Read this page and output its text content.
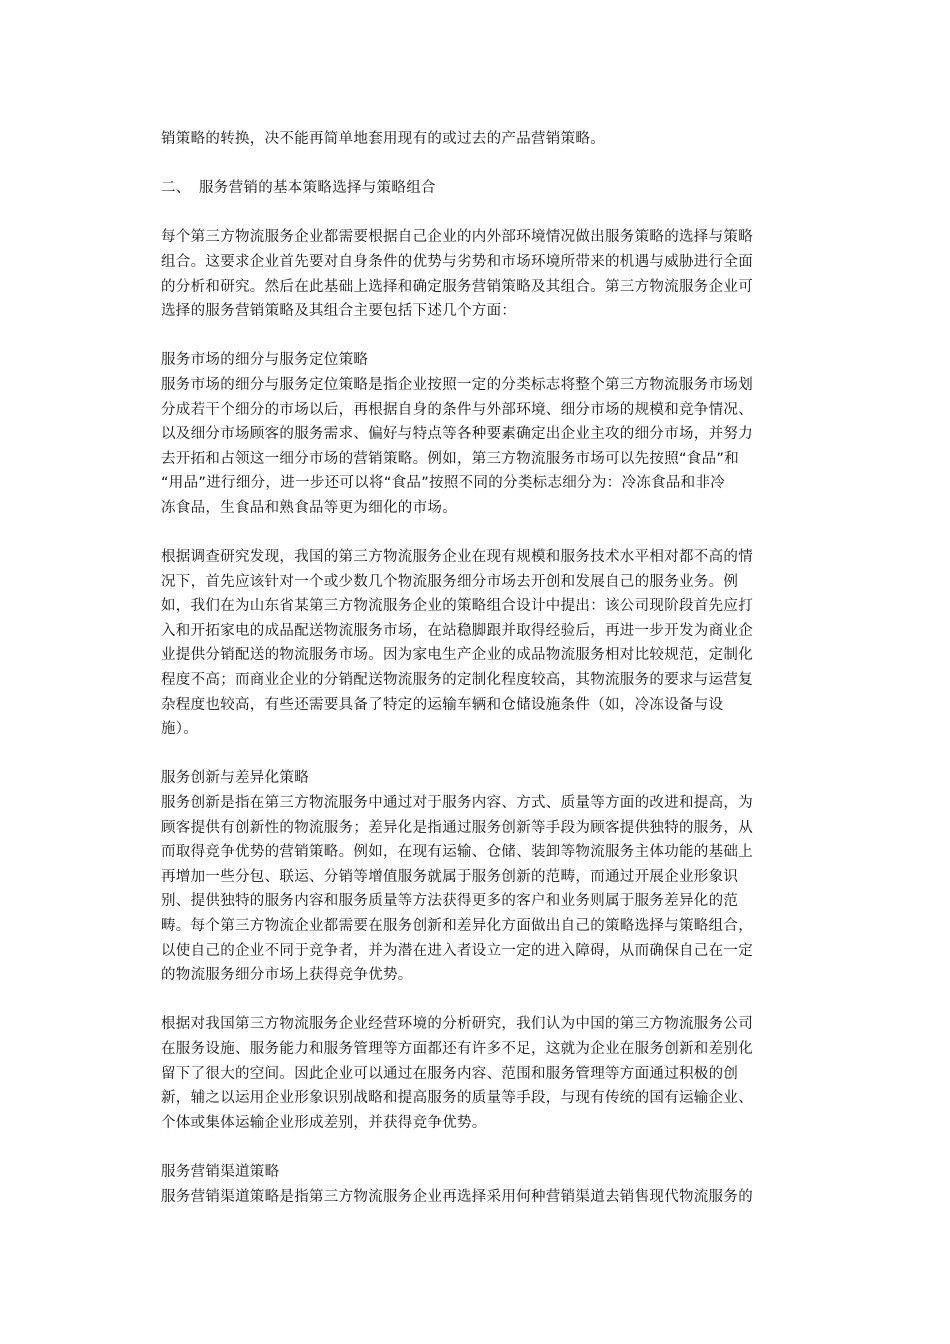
销策略的转换，决不能再简单地套用现有的或过去的产品营销策略。
二、 服务营销的基本策略选择与策略组合
每个第三方物流服务企业都需要根据自己企业的内外部环境情况做出服务策略的选择与策略
组合。这要求企业首先要对自身条件的优势与劣势和市场环境所带来的机遇与威胁进行全面
的分析和研究。然后在此基础上选择和确定服务营销策略及其组合。第三方物流服务企业可
选择的服务营销策略及其组合主要包括下述几个方面：
服务市场的细分与服务定位策略
服务市场的细分与服务定位策略是指企业按照一定的分类标志将整个第三方物流服务市场划
分成若干个细分的市场以后，再根据自身的条件与外部环境、细分市场的规模和竞争情况、
以及细分市场顾客的服务需求、偏好与特点等各种要素确定出企业主攻的细分市场，并努力
去开拓和占领这一细分市场的营销策略。例如，第三方物流服务市场可以先按照“食品”和
“用品”进行细分，进一步还可以将“食品”按照不同的分类标志细分为：冷冻食品和非冷
冻食品，生食品和熟食品等更为细化的市场。
根据调查研究发现，我国的第三方物流服务企业在现有规模和服务技术水平相对都不高的情
况下，首先应该针对一个或少数几个物流服务细分市场去开创和发展自己的服务业务。例
如，我们在为山东省某第三方物流服务企业的策略组合设计中提出：该公司现阶段首先应打
入和开拓家电的成品配送物流服务市场，在站稳脚跟并取得经验后，再进一步开发为商业企
业提供分销配送的物流服务市场。因为家电生产企业的成品物流服务相对比较规范，定制化
程度不高；而商业企业的分销配送物流服务的定制化程度较高，其物流服务的要求与运营复
杂程度也较高，有些还需要具备了特定的运输车辆和仓储设施条件（如，冷冻设备与设
施）。
服务创新与差异化策略
服务创新是指在第三方物流服务中通过对于服务内容、方式、质量等方面的改进和提高，为
顾客提供有创新性的物流服务；差异化是指通过服务创新等手段为顾客提供独特的服务，从
而取得竞争优势的营销策略。例如，在现有运输、仓储、装卸等物流服务主体功能的基础上
再增加一些分包、联运、分销等增值服务就属于服务创新的范畴，而通过开展企业形象识
别、提供独特的服务内容和服务质量等方法获得更多的客户和业务则属于服务差异化的范
畴。每个第三方物流企业都需要在服务创新和差异化方面做出自己的策略选择与策略组合，
以使自己的企业不同于竞争者，并为潜在进入者设立一定的进入障碍，从而确保自己在一定
的物流服务细分市场上获得竞争优势。
根据对我国第三方物流服务企业经营环境的分析研究，我们认为中国的第三方物流服务公司
在服务设施、服务能力和服务管理等方面都还有许多不足，这就为企业在服务创新和差别化
留下了很大的空间。因此企业可以通过在服务内容、范围和服务管理等方面通过积极的创
新，辅之以运用企业形象识别战略和提高服务的质量等手段，与现有传统的国有运输企业、
个体或集体运输企业形成差别，并获得竞争优势。
服务营销渠道策略
服务营销渠道策略是指第三方物流服务企业再选择采用何种营销渠道去销售现代物流服务的
